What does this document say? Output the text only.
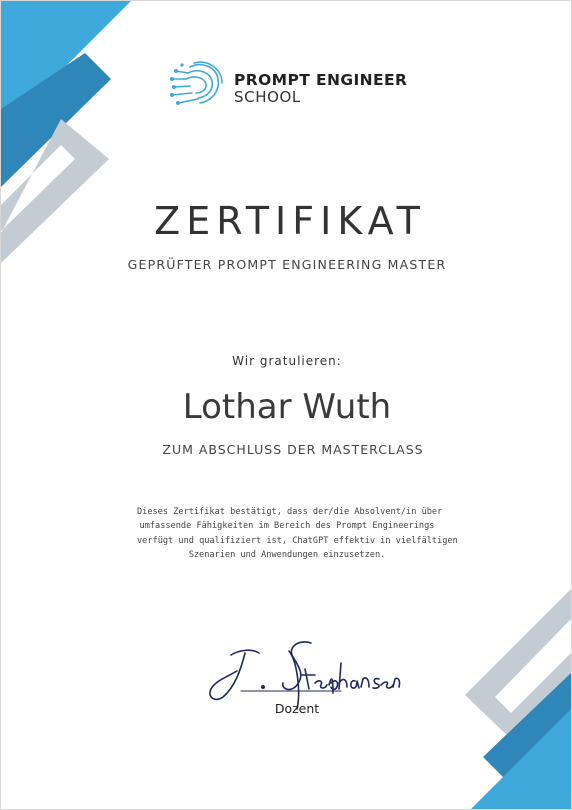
PROMPT ENGINEER
SCHOOL
ZERTIFIKAT
GEPRÜFTER PROMPT ENGINEERING MASTER
Wir gratulieren:
Lothar Wuth
ZUM ABSCHLUSS DER MASTERCLASS
Dieses Zertifikat bestätigt, dass der/die Absolvent/in über
umfassende Fähigkeiten im Bereich des Prompt Engineerings
verfügt und qualifiziert ist, ChatGPT effektiv in vielfältigen
Szenarien und Anwendungen einzusetzen.
Dozent
